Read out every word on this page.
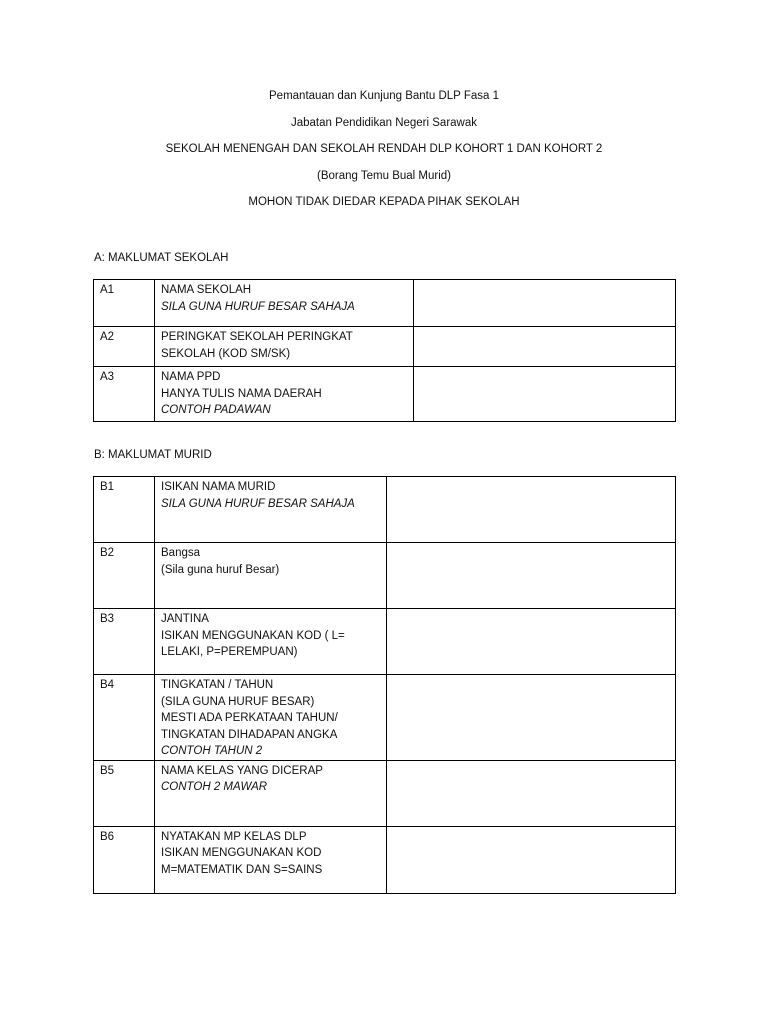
Pemantauan dan Kunjung Bantu DLP Fasa 1

Jabatan Pendidikan Negeri Sarawak

SEKOLAH MENENGAH DAN SEKOLAH RENDAH DLP KOHORT 1 DAN KOHORT 2

(Borang Temu Bual Murid)

MOHON TIDAK DIEDAR KEPADA PIHAK SEKOLAH

A: MAKLUMAT SEKOLAH

A1	NAMA SEKOLAH
SILA GUNA HURUF BESAR SAHAJA	

A2	PERINGKAT SEKOLAH PERINGKAT
SEKOLAH (KOD SM/SK)	

A3	NAMA PPD
HANYA TULIS NAMA DAERAH
CONTOH PADAWAN	

B: MAKLUMAT MURID

B1	ISIKAN NAMA MURID
SILA GUNA HURUF BESAR SAHAJA	

B2	Bangsa
(Sila guna huruf Besar)	

B3	JANTINA
ISIKAN MENGGUNAKAN KOD ( L=
LELAKI, P=PEREMPUAN)	

B4	TINGKATAN / TAHUN
(SILA GUNA HURUF BESAR)
MESTI ADA PERKATAAN TAHUN/
TINGKATAN DIHADAPAN ANGKA
CONTOH TAHUN 2	

B5	NAMA KELAS YANG DICERAP
CONTOH 2 MAWAR	

B6	NYATAKAN MP KELAS DLP
ISIKAN MENGGUNAKAN KOD
M=MATEMATIK DAN S=SAINS	
